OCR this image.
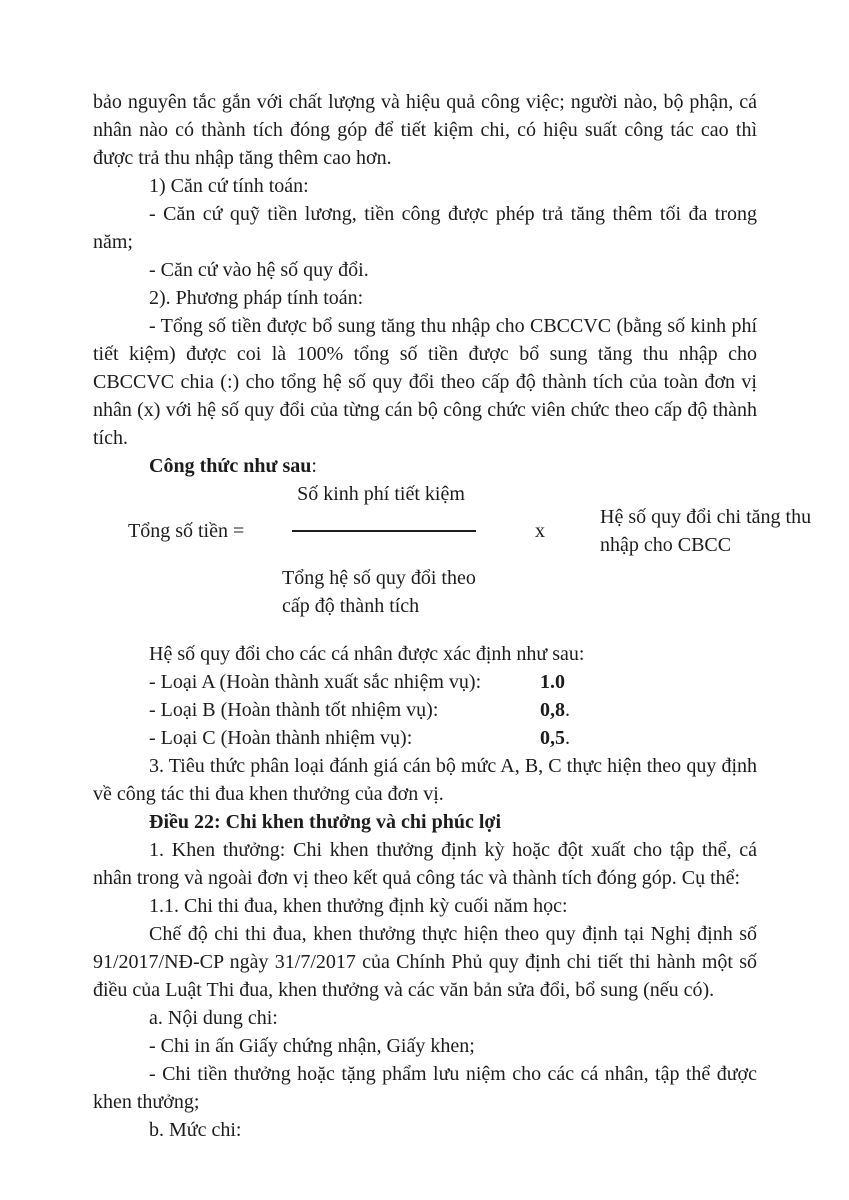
bảo nguyên tắc gắn với chất lượng và hiệu quả công việc; người nào, bộ phận, cá nhân nào có thành tích đóng góp để tiết kiệm chi, có hiệu suất công tác cao thì được trả thu nhập tăng thêm cao hơn.

1) Căn cứ tính toán:

- Căn cứ quỹ tiền lương, tiền công được phép trả tăng thêm tối đa trong năm;

- Căn cứ vào hệ số quy đổi.

2). Phương pháp tính toán:

- Tổng số tiền được bổ sung tăng thu nhập cho CBCCVC (bằng số kinh phí tiết kiệm) được coi là 100% tổng số tiền được bổ sung tăng thu nhập cho CBCCVC chia (:) cho tổng hệ số quy đổi theo cấp độ thành tích của toàn đơn vị nhân (x) với hệ số quy đổi của từng cán bộ công chức viên chức theo cấp độ thành tích.

Công thức như sau:

Tổng số tiền =	Số kinh phí tiết kiệm
Tổng hệ số quy đổi theo
cấp độ thành tích	x
Hệ số quy đổi chi tăng thu
nhập cho CBCC

Hệ số quy đổi cho các cá nhân được xác định như sau:

- Loại A (Hoàn thành xuất sắc nhiệm vụ):	1.0
- Loại B (Hoàn thành tốt nhiệm vụ):	0,8.
- Loại C (Hoàn thành nhiệm vụ):	0,5.

3. Tiêu thức phân loại đánh giá cán bộ mức A, B, C thực hiện theo quy định về công tác thi đua khen thưởng của đơn vị.

Điều 22: Chi khen thưởng và chi phúc lợi

1. Khen thưởng: Chi khen thưởng định kỳ hoặc đột xuất cho tập thể, cá nhân trong và ngoài đơn vị theo kết quả công tác và thành tích đóng góp. Cụ thể:

1.1. Chi thi đua, khen thưởng định kỳ cuối năm học:

Chế độ chi thi đua, khen thưởng thực hiện theo quy định tại Nghị định số 91/2017/NĐ-CP ngày 31/7/2017 của Chính Phủ quy định chi tiết thi hành một số điều của Luật Thi đua, khen thưởng và các văn bản sửa đổi, bổ sung (nếu có).

a. Nội dung chi:

- Chi in ấn Giấy chứng nhận, Giấy khen;

- Chi tiền thưởng hoặc tặng phẩm lưu niệm cho các cá nhân, tập thể được khen thưởng;

b. Mức chi:
